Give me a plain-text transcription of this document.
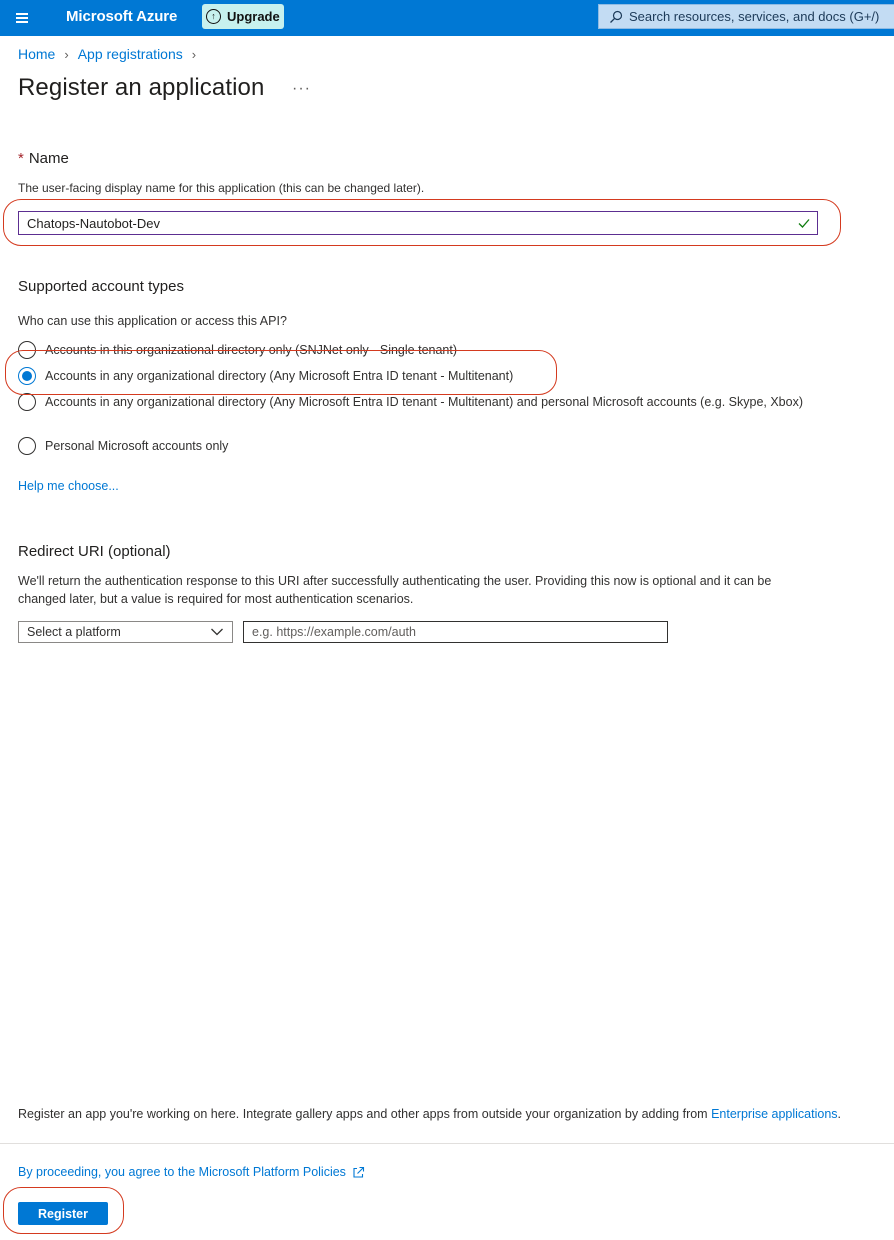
Microsoft Azure	↑ Upgrade	Search resources, services, and docs (G+/)
Home › App registrations ›
Register an application ···
* Name
The user-facing display name for this application (this can be changed later).
Chatops-Nautobot-Dev
Supported account types
Who can use this application or access this API?
Accounts in this organizational directory only (SNJNet only - Single tenant)
Accounts in any organizational directory (Any Microsoft Entra ID tenant - Multitenant)
Accounts in any organizational directory (Any Microsoft Entra ID tenant - Multitenant) and personal Microsoft accounts (e.g. Skype, Xbox)
Personal Microsoft accounts only
Help me choose...
Redirect URI (optional)
We'll return the authentication response to this URI after successfully authenticating the user. Providing this now is optional and it can be changed later, but a value is required for most authentication scenarios.
Select a platform	e.g. https://example.com/auth
Register an app you're working on here. Integrate gallery apps and other apps from outside your organization by adding from Enterprise applications.
By proceeding, you agree to the Microsoft Platform Policies
Register
